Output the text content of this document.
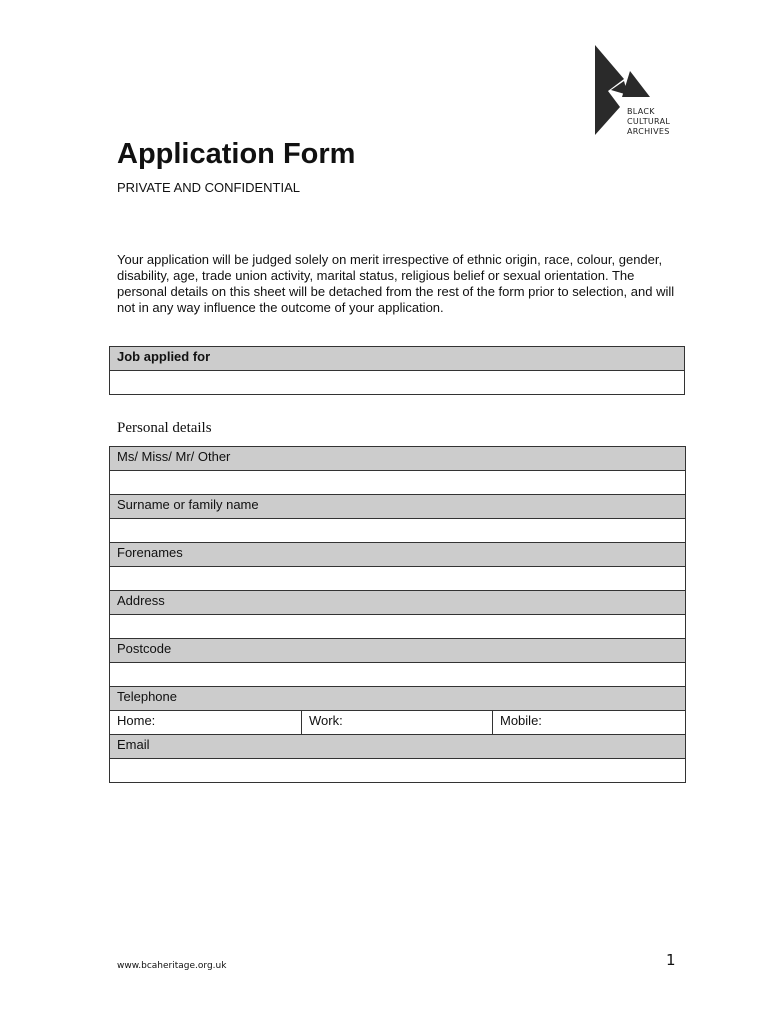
BLACK
CULTURAL
ARCHIVES
Application Form
PRIVATE AND CONFIDENTIAL
Your application will be judged solely on merit irrespective of ethnic origin, race, colour, gender, disability, age, trade union activity, marital status, religious belief or sexual orientation. The personal details on this sheet will be detached from the rest of the form prior to selection, and will not in any way influence the outcome of your application.
Job applied for

Personal details
Ms/ Miss/ Mr/ Other

Surname or family name

Forenames

Address

Postcode

Telephone
Home:	Work:	Mobile:
Email

www.bcaheritage.org.uk	1
